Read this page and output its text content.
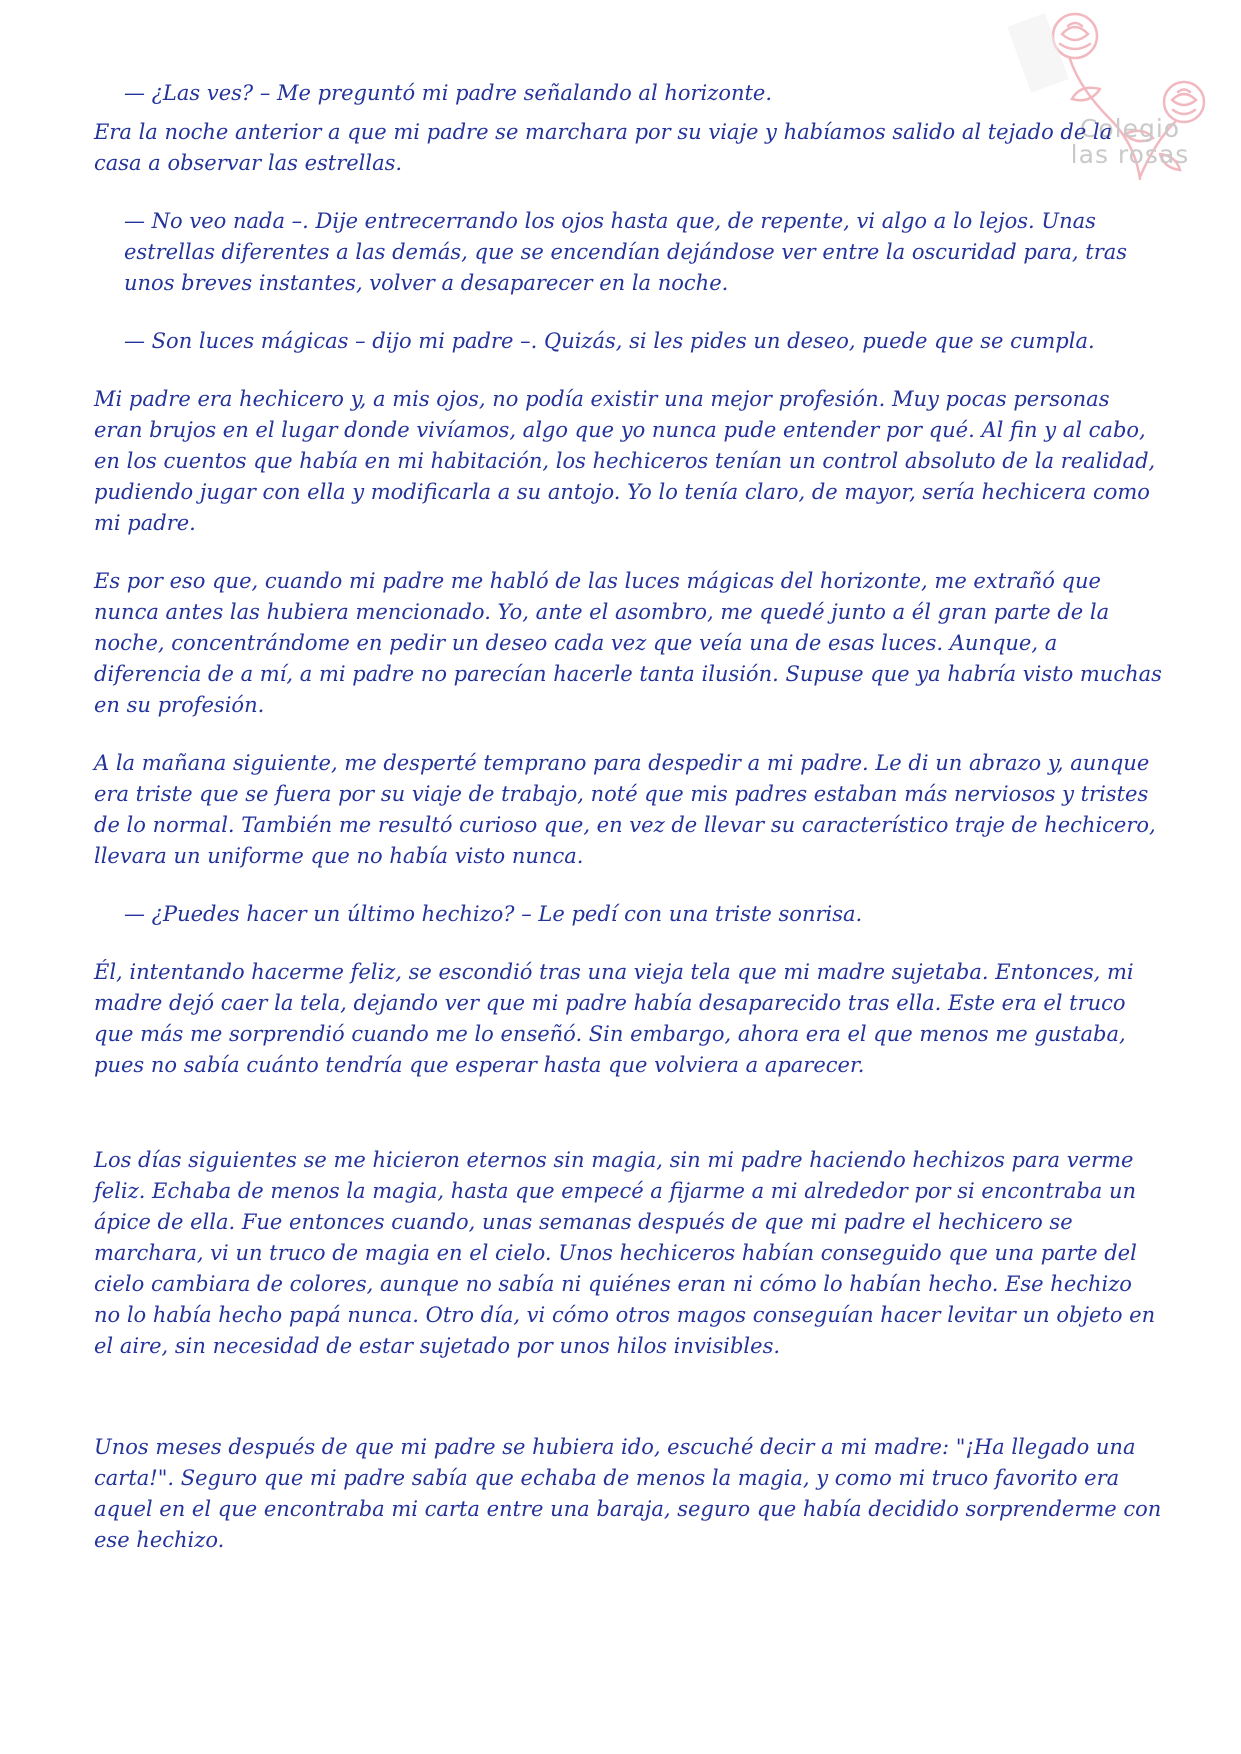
Colegio
las rosas

— ¿Las ves? – Me preguntó mi padre señalando al horizonte.

Era la noche anterior a que mi padre se marchara por su viaje y habíamos salido al tejado de la casa a observar las estrellas.

— No veo nada –. Dije entrecerrando los ojos hasta que, de repente, vi algo a lo lejos. Unas estrellas diferentes a las demás, que se encendían dejándose ver entre la oscuridad para, tras unos breves instantes, volver a desaparecer en la noche.

— Son luces mágicas – dijo mi padre –. Quizás, si les pides un deseo, puede que se cumpla.

Mi padre era hechicero y, a mis ojos, no podía existir una mejor profesión. Muy pocas personas eran brujos en el lugar donde vivíamos, algo que yo nunca pude entender por qué. Al fin y al cabo, en los cuentos que había en mi habitación, los hechiceros tenían un control absoluto de la realidad, pudiendo jugar con ella y modificarla a su antojo. Yo lo tenía claro, de mayor, sería hechicera como mi padre.

Es por eso que, cuando mi padre me habló de las luces mágicas del horizonte, me extrañó que nunca antes las hubiera mencionado. Yo, ante el asombro, me quedé junto a él gran parte de la noche, concentrándome en pedir un deseo cada vez que veía una de esas luces. Aunque, a diferencia de a mí, a mi padre no parecían hacerle tanta ilusión. Supuse que ya habría visto muchas en su profesión.

A la mañana siguiente, me desperté temprano para despedir a mi padre. Le di un abrazo y, aunque era triste que se fuera por su viaje de trabajo, noté que mis padres estaban más nerviosos y tristes de lo normal. También me resultó curioso que, en vez de llevar su característico traje de hechicero, llevara un uniforme que no había visto nunca.

— ¿Puedes hacer un último hechizo? – Le pedí con una triste sonrisa.

Él, intentando hacerme feliz, se escondió tras una vieja tela que mi madre sujetaba. Entonces, mi madre dejó caer la tela, dejando ver que mi padre había desaparecido tras ella. Este era el truco que más me sorprendió cuando me lo enseñó. Sin embargo, ahora era el que menos me gustaba, pues no sabía cuánto tendría que esperar hasta que volviera a aparecer.

Los días siguientes se me hicieron eternos sin magia, sin mi padre haciendo hechizos para verme feliz. Echaba de menos la magia, hasta que empecé a fijarme a mi alrededor por si encontraba un ápice de ella. Fue entonces cuando, unas semanas después de que mi padre el hechicero se marchara, vi un truco de magia en el cielo. Unos hechiceros habían conseguido que una parte del cielo cambiara de colores, aunque no sabía ni quiénes eran ni cómo lo habían hecho. Ese hechizo no lo había hecho papá nunca. Otro día, vi cómo otros magos conseguían hacer levitar un objeto en el aire, sin necesidad de estar sujetado por unos hilos invisibles.

Unos meses después de que mi padre se hubiera ido, escuché decir a mi madre: "¡Ha llegado una carta!". Seguro que mi padre sabía que echaba de menos la magia, y como mi truco favorito era aquel en el que encontraba mi carta entre una baraja, seguro que había decidido sorprenderme con ese hechizo.
